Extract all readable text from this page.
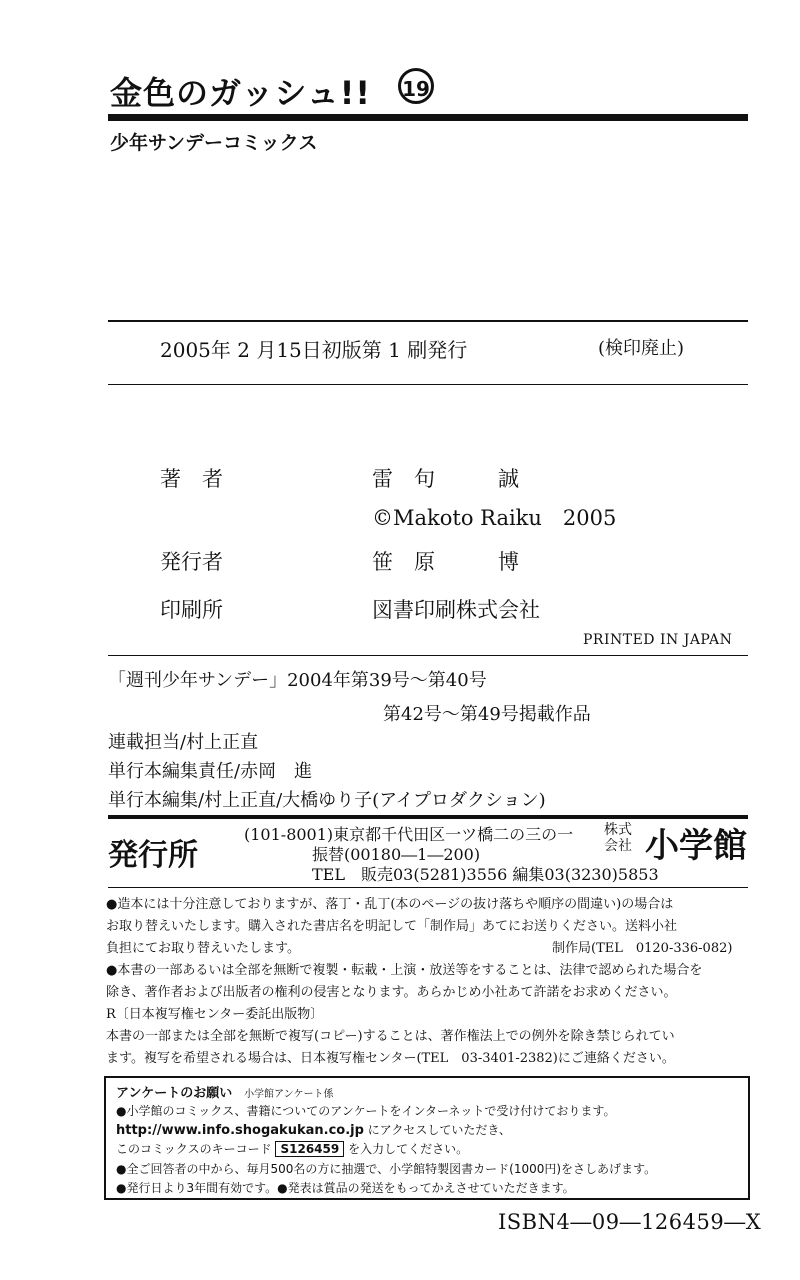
金色のガッシュ!! 19
少年サンデーコミックス
2005年 2 月15日初版第 1 刷発行	(検印廃止)
著　者	雷　句　　　誠
©Makoto Raiku　2005
発行者	笹　原　　　博
印刷所	図書印刷株式会社
PRINTED IN JAPAN
「週刊少年サンデー」2004年第39号〜第40号
第42号〜第49号掲載作品
連載担当/村上正直
単行本編集責任/赤岡　進
単行本編集/村上正直/大橋ゆり子(アイプロダクション)
発行所
(101-8001)東京都千代田区一ツ橋二の三の一
振替(00180―1―200)
TEL　販売03(5281)3556 編集03(3230)5853
株式会社 小学館
●造本には十分注意しておりますが、落丁・乱丁(本のページの抜け落ちや順序の間違い)の場合は
お取り替えいたします。購入された書店名を明記して「制作局」あてにお送りください。送料小社
負担にてお取り替えいたします。	制作局(TEL　0120-336-082)
●本書の一部あるいは全部を無断で複製・転載・上演・放送等をすることは、法律で認められた場合を
除き、著作者および出版者の権利の侵害となります。あらかじめ小社あて許諾をお求めください。
R〔日本複写権センター委託出版物〕
本書の一部または全部を無断で複写(コピー)することは、著作権法上での例外を除き禁じられてい
ます。複写を希望される場合は、日本複写権センター(TEL　03-3401-2382)にご連絡ください。
アンケートのお願い 小学館アンケート係
●小学館のコミックス、書籍についてのアンケートをインターネットで受け付けております。
http://www.info.shogakukan.co.jp にアクセスしていただき、
このコミックスのキーコード S126459 を入力してください。
●全ご回答者の中から、毎月500名の方に抽選で、小学館特製図書カード(1000円)をさしあげます。
●発行日より3年間有効です。●発表は賞品の発送をもってかえさせていただきます。
ISBN4―09―126459―X
